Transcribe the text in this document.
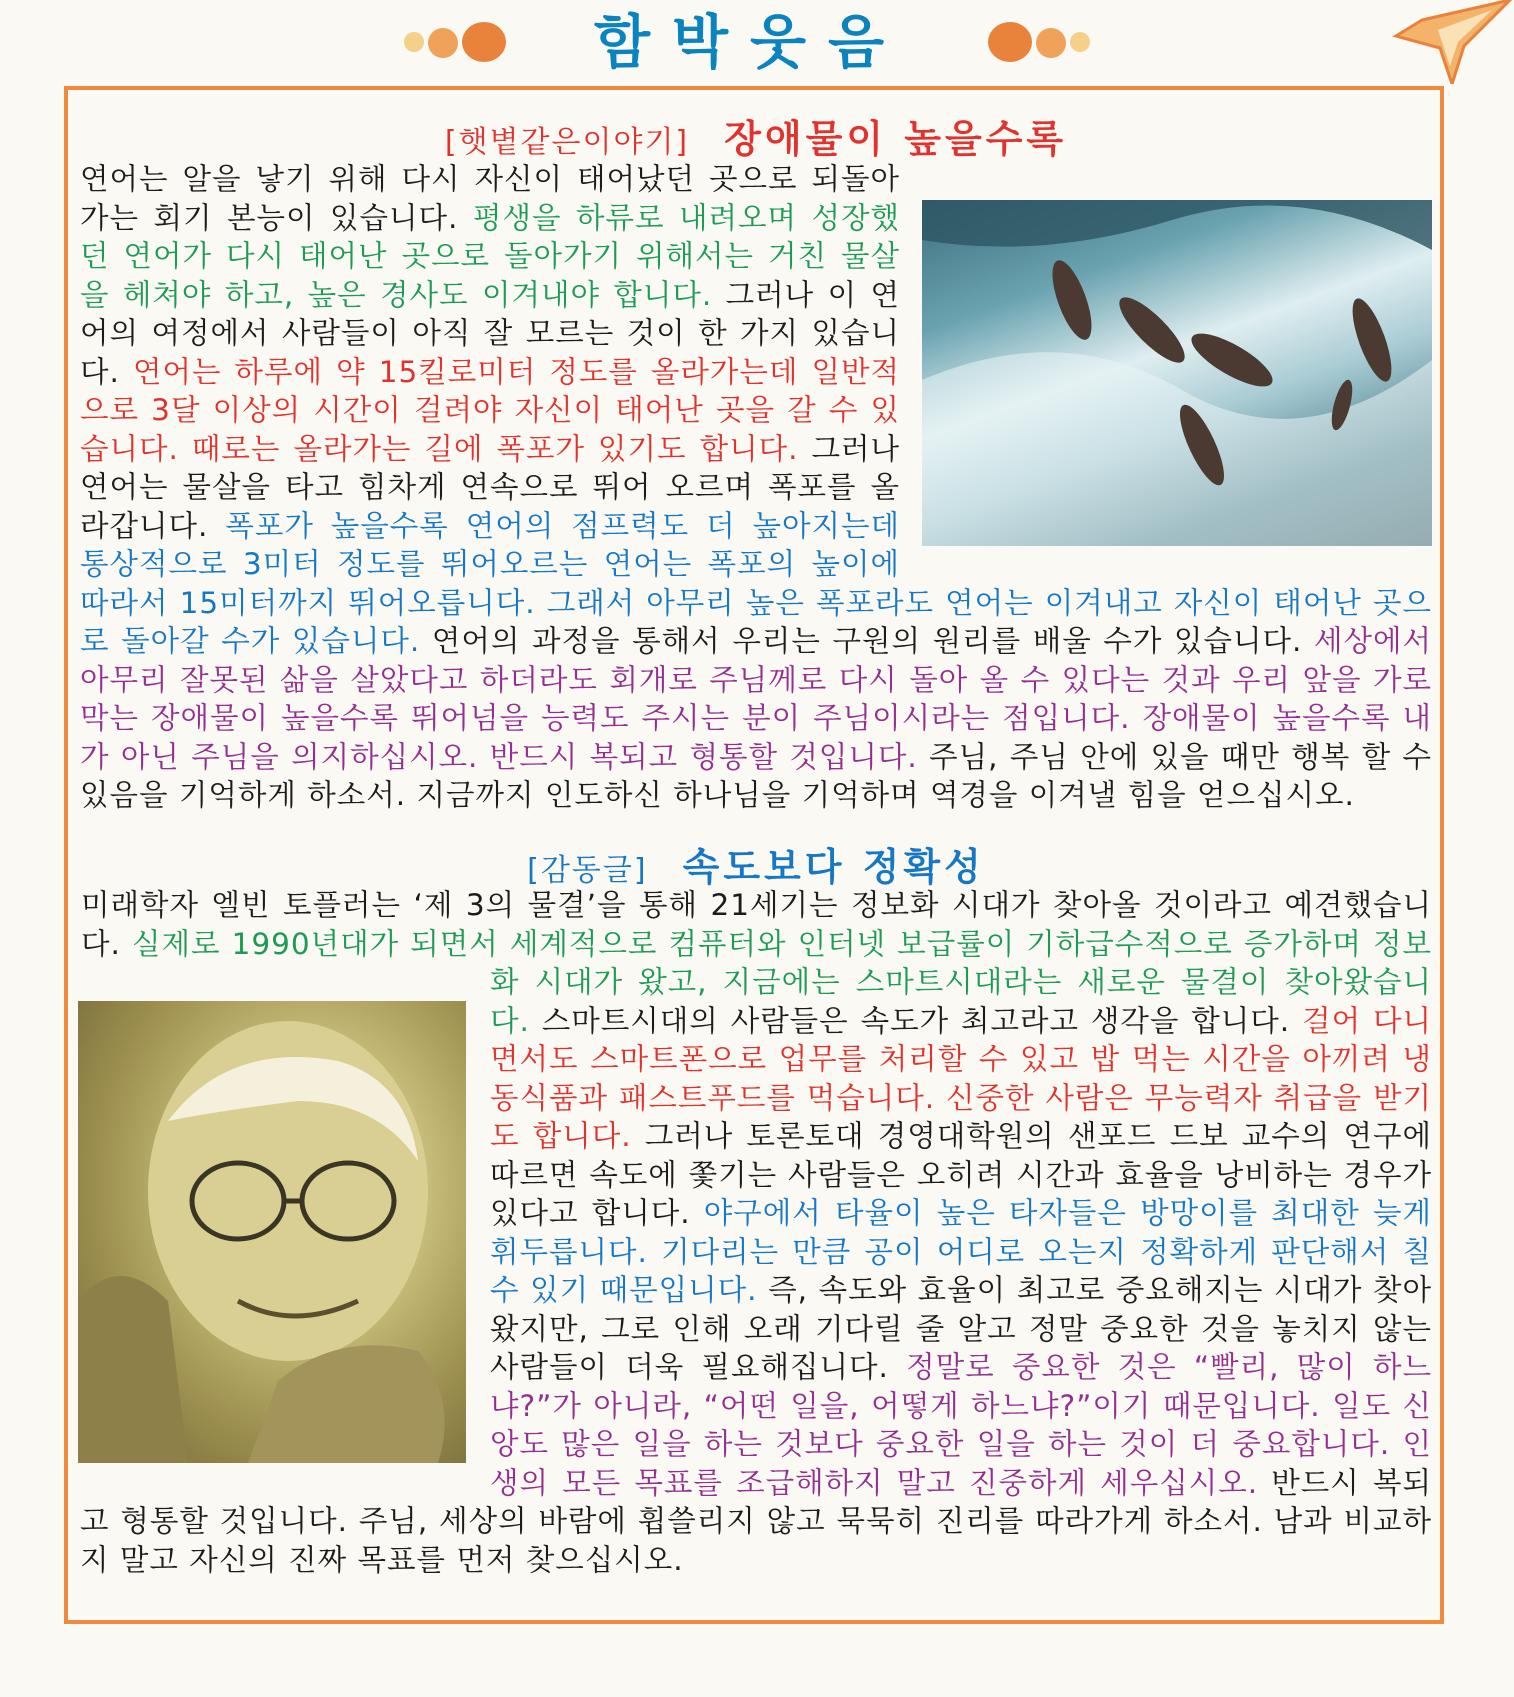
함박웃음
[햇볕같은이야기] 장애물이 높을수록
연어는 알을 낳기 위해 다시 자신이 태어났던 곳으로 되돌아가는 회기 본능이 있습니다. 평생을 하류로 내려오며 성장했던 연어가 다시 태어난 곳으로 돌아가기 위해서는 거친 물살을 헤쳐야 하고, 높은 경사도 이겨내야 합니다. 그러나 이 연어의 여정에서 사람들이 아직 잘 모르는 것이 한 가지 있습니다. 연어는 하루에 약 15킬로미터 정도를 올라가는데 일반적으로 3달 이상의 시간이 걸려야 자신이 태어난 곳을 갈 수 있습니다. 때로는 올라가는 길에 폭포가 있기도 합니다. 그러나 연어는 물살을 타고 힘차게 연속으로 뛰어 오르며 폭포를 올라갑니다. 폭포가 높을수록 연어의 점프력도 더 높아지는데 통상적으로 3미터 정도를 뛰어오르는 연어는 폭포의 높이에 따라서 15미터까지 뛰어오릅니다. 그래서 아무리 높은 폭포라도 연어는 이겨내고 자신이 태어난 곳으로 돌아갈 수가 있습니다. 연어의 과정을 통해서 우리는 구원의 원리를 배울 수가 있습니다. 세상에서 아무리 잘못된 삶을 살았다고 하더라도 회개로 주님께로 다시 돌아 올 수 있다는 것과 우리 앞을 가로막는 장애물이 높을수록 뛰어넘을 능력도 주시는 분이 주님이시라는 점입니다. 장애물이 높을수록 내가 아닌 주님을 의지하십시오. 반드시 복되고 형통할 것입니다. 주님, 주님 안에 있을 때만 행복 할 수 있음을 기억하게 하소서. 지금까지 인도하신 하나님을 기억하며 역경을 이겨낼 힘을 얻으십시오.
[감동글] 속도보다 정확성
미래학자 엘빈 토플러는 ‘제 3의 물결’을 통해 21세기는 정보화 시대가 찾아올 것이라고 예견했습니다. 실제로 1990년대가 되면서 세계적으로 컴퓨터와 인터넷 보급률이 기하급수적으로 증가하며 정보화 시대가 왔고, 지금에는 스마트시대라는 새로운 물결이 찾아왔습니다. 스마트시대의 사람들은 속도가 최고라고 생각을 합니다. 걸어 다니면서도 스마트폰으로 업무를 처리할 수 있고 밥 먹는 시간을 아끼려 냉동식품과 패스트푸드를 먹습니다. 신중한 사람은 무능력자 취급을 받기도 합니다. 그러나 토론토대 경영대학원의 샌포드 드보 교수의 연구에 따르면 속도에 쫓기는 사람들은 오히려 시간과 효율을 낭비하는 경우가 있다고 합니다. 야구에서 타율이 높은 타자들은 방망이를 최대한 늦게 휘두릅니다. 기다리는 만큼 공이 어디로 오는지 정확하게 판단해서 칠 수 있기 때문입니다. 즉, 속도와 효율이 최고로 중요해지는 시대가 찾아왔지만, 그로 인해 오래 기다릴 줄 알고 정말 중요한 것을 놓치지 않는 사람들이 더욱 필요해집니다. 정말로 중요한 것은 “빨리, 많이 하느냐?”가 아니라, “어떤 일을, 어떻게 하느냐?”이기 때문입니다. 일도 신앙도 많은 일을 하는 것보다 중요한 일을 하는 것이 더 중요합니다. 인생의 모든 목표를 조급해하지 말고 진중하게 세우십시오. 반드시 복되고 형통할 것입니다. 주님, 세상의 바람에 휩쓸리지 않고 묵묵히 진리를 따라가게 하소서. 남과 비교하지 말고 자신의 진짜 목표를 먼저 찾으십시오.
